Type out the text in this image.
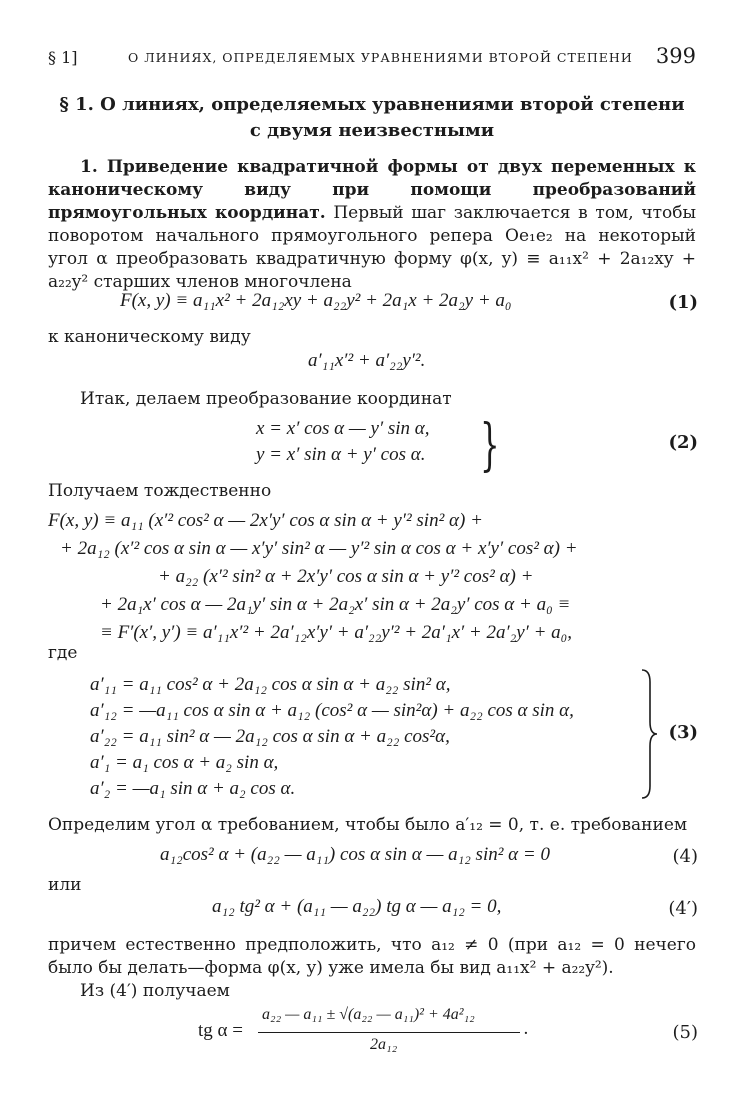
§ 1]	О ЛИНИЯХ, ОПРЕДЕЛЯЕМЫХ УРАВНЕНИЯМИ ВТОРОЙ СТЕПЕНИ 399
§ 1. О линиях, определяемых уравнениями второй степени
с двумя неизвестными
1. Приведение квадратичной формы от двух переменных к каноническому виду при помощи преобразований прямоугольных координат. Первый шаг заключается в том, чтобы поворотом начального прямоугольного репера Oe₁e₂ на некоторый угол α преобразовать квадратичную форму φ(x, y) ≡ a₁₁x² + 2a₁₂xy + a₂₂y² старших членов многочлена
F(x, y) ≡ a₁₁x² + 2a₁₂xy + a₂₂y² + 2a₁x + 2a₂y + a₀	(1)
к каноническому виду
a′₁₁x′² + a′₂₂y′².
Итак, делаем преобразование координат
x = x′ cos α — y′ sin α,
y = x′ sin α + y′ cos α. }	(2)
Получаем тождественно
F(x, y) ≡ a₁₁ (x′² cos² α — 2x′y′ cos α sin α + y′² sin² α) +
+ 2a₁₂ (x′² cos α sin α — x′y′ sin² α — y′² sin α cos α + x′y′ cos² α) +
+ a₂₂ (x′² sin² α + 2x′y′ cos α sin α + y′² cos² α) +
+ 2a₁x′ cos α — 2a₁y′ sin α + 2a₂x′ sin α + 2a₂y′ cos α + a₀ ≡
≡ F′(x′, y′) ≡ a′₁₁x′² + 2a′₁₂x′y′ + a′₂₂y′² + 2a′₁x′ + 2a′₂y′ + a₀,
где
a′₁₁ = a₁₁ cos² α + 2a₁₂ cos α sin α + a₂₂ sin² α,
a′₁₂ = —a₁₁ cos α sin α + a₁₂ (cos² α — sin²α) + a₂₂ cos α sin α,
a′₂₂ = a₁₁ sin² α — 2a₁₂ cos α sin α + a₂₂ cos²α,
a′₁ = a₁ cos α + a₂ sin α,
a′₂ = —a₁ sin α + a₂ cos α.
(3)
Определим угол α требованием, чтобы было a′₁₂ = 0, т. е. требованием
a₁₂cos² α + (a₂₂ — a₁₁) cos α sin α — a₁₂ sin² α = 0	(4)
или
a₁₂ tg² α + (a₁₁ — a₂₂) tg α — a₁₂ = 0,	(4′)
причем естественно предположить, что a₁₂ ≠ 0 (при a₁₂ = 0 нечего было бы делать—форма φ(x, y) уже имела бы вид a₁₁x² + a₂₂y²).
Из (4′) получаем
tg α =
a₂₂ — a₁₁ ± √(a₂₂ — a₁₁)² + 4a²₁₂
2a₁₂
.	(5)
